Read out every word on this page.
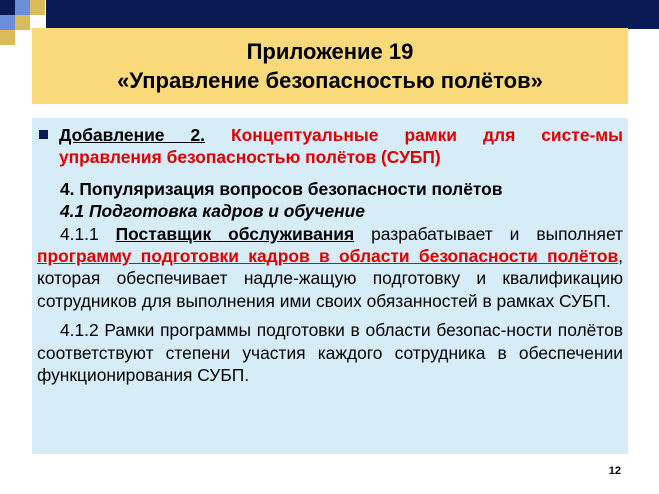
Приложение 19
«Управление безопасностью полётов»

Добавление 2. Концептуальные рамки для систе-мы управления безопасностью полётов (СУБП)

4. Популяризация вопросов безопасности полётов

4.1 Подготовка кадров и обучение

4.1.1 Поставщик обслуживания разрабатывает и выполняет программу подготовки кадров в области безопасности полётов, которая обеспечивает надле-жащую подготовку и квалификацию сотрудников для выполнения ими своих обязанностей в рамках СУБП.

4.1.2 Рамки программы подготовки в области безопас-ности полётов соответствуют степени участия каждого сотрудника в обеспечении функционирования СУБП.

12
